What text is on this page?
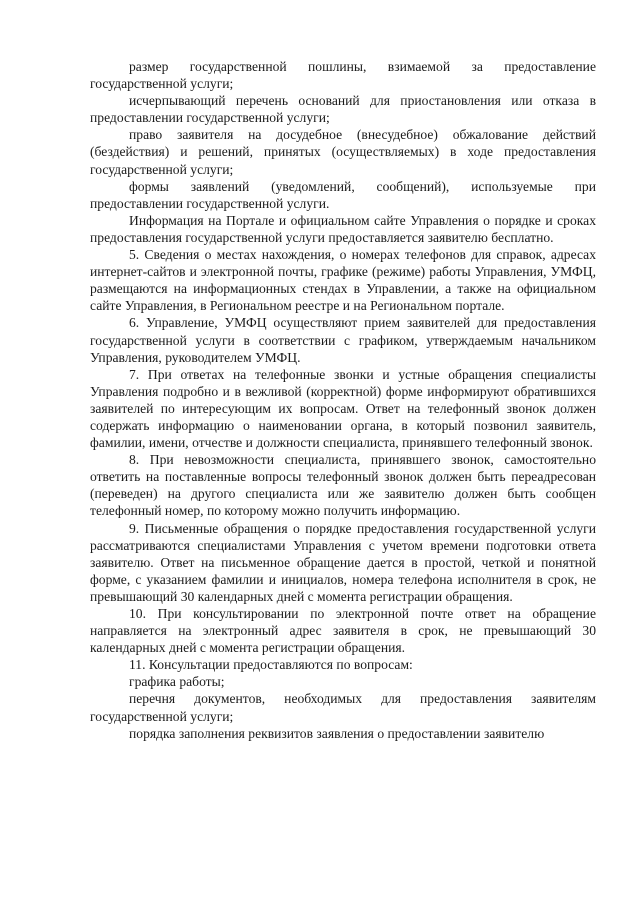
размер государственной пошлины, взимаемой за предоставление государственной услуги;

исчерпывающий перечень оснований для приостановления или отказа в предоставлении государственной услуги;

право заявителя на досудебное (внесудебное) обжалование действий (бездействия) и решений, принятых (осуществляемых) в ходе предоставления государственной услуги;

формы заявлений (уведомлений, сообщений), используемые при предоставлении государственной услуги.

Информация на Портале и официальном сайте Управления о порядке и сроках предоставления государственной услуги предоставляется заявителю бесплатно.

5. Сведения о местах нахождения, о номерах телефонов для справок, адресах интернет-сайтов и электронной почты, графике (режиме) работы Управления, УМФЦ, размещаются на информационных стендах в Управлении, а также на официальном сайте Управления, в Региональном реестре и на Региональном портале.

6. Управление, УМФЦ осуществляют прием заявителей для предоставления государственной услуги в соответствии с графиком, утверждаемым начальником Управления, руководителем УМФЦ.

7. При ответах на телефонные звонки и устные обращения специалисты Управления подробно и в вежливой (корректной) форме информируют обратившихся заявителей по интересующим их вопросам. Ответ на телефонный звонок должен содержать информацию о наименовании органа, в который позвонил заявитель, фамилии, имени, отчестве и должности специалиста, принявшего телефонный звонок.

8. При невозможности специалиста, принявшего звонок, самостоятельно ответить на поставленные вопросы телефонный звонок должен быть переадресован (переведен) на другого специалиста или же заявителю должен быть сообщен телефонный номер, по которому можно получить информацию.

9. Письменные обращения о порядке предоставления государственной услуги рассматриваются специалистами Управления с учетом времени подготовки ответа заявителю. Ответ на письменное обращение дается в простой, четкой и понятной форме, с указанием фамилии и инициалов, номера телефона исполнителя в срок, не превышающий 30 календарных дней с момента регистрации обращения.

10. При консультировании по электронной почте ответ на обращение направляется на электронный адрес заявителя в срок, не превышающий 30 календарных дней с момента регистрации обращения.

11. Консультации предоставляются по вопросам:

графика работы;

перечня документов, необходимых для предоставления заявителям государственной услуги;

порядка заполнения реквизитов заявления о предоставлении заявителю
